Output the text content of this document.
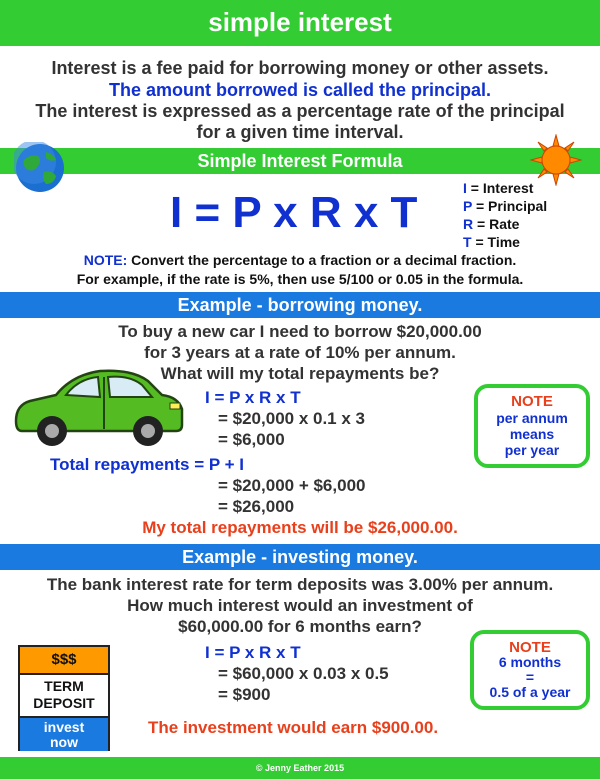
simple interest
Interest is a fee paid for borrowing money or other assets.
The amount borrowed is called the principal.
The interest is expressed as a percentage rate of the principal
for a given time interval.
Simple Interest Formula
I = P x R x T	I = Interest
P = Principal
R = Rate
T = Time
NOTE: Convert the percentage to a fraction or a decimal fraction.
For example, if the rate is 5%, then use 5/100 or 0.05 in the formula.
Example - borrowing money.
To buy a new car I need to borrow $20,000.00
for 3 years at a rate of 10% per annum.
What will my total repayments be?
I = P x R x T
= $20,000 x 0.1 x 3
= $6,000
Total repayments = P + I
= $20,000 + $6,000
= $26,000
My total repayments will be $26,000.00.
NOTE
per annum
means
per year
Example - investing money.
The bank interest rate for term deposits was 3.00% per annum.
How much interest would an investment of
$60,000.00 for 6 months earn?
$$$
TERM
DEPOSIT
invest
now
I = P x R x T
= $60,000 x 0.03 x 0.5
= $900
The investment would earn $900.00.
NOTE
6 months
=
0.5 of a year
© Jenny Eather 2015
